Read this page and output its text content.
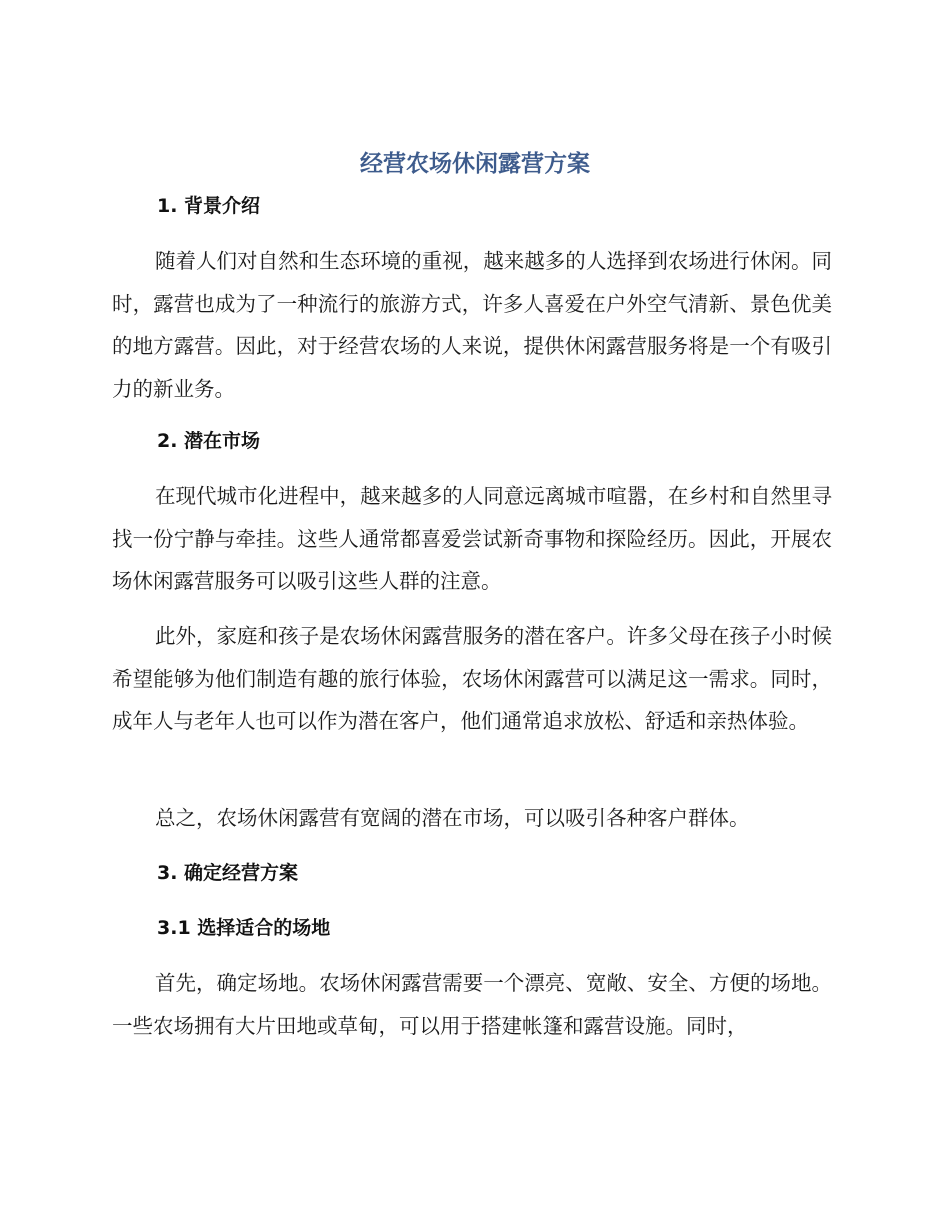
经营农场休闲露营方案
1. 背景介绍

随着人们对自然和生态环境的重视，越来越多的人选择到农场进行休闲。同时，露营也成为了一种流行的旅游方式，许多人喜爱在户外空气清新、景色优美的地方露营。因此，对于经营农场的人来说，提供休闲露营服务将是一个有吸引力的新业务。

2. 潜在市场

在现代城市化进程中，越来越多的人同意远离城市喧嚣，在乡村和自然里寻找一份宁静与牵挂。这些人通常都喜爱尝试新奇事物和探险经历。因此，开展农场休闲露营服务可以吸引这些人群的注意。

此外，家庭和孩子是农场休闲露营服务的潜在客户。许多父母在孩子小时候希望能够为他们制造有趣的旅行体验，农场休闲露营可以满足这一需求。同时，成年人与老年人也可以作为潜在客户，他们通常追求放松、舒适和亲热体验。

总之，农场休闲露营有宽阔的潜在市场，可以吸引各种客户群体。

3. 确定经营方案
3.1 选择适合的场地

首先，确定场地。农场休闲露营需要一个漂亮、宽敞、安全、方便的场地。一些农场拥有大片田地或草甸，可以用于搭建帐篷和露营设施。同时，
